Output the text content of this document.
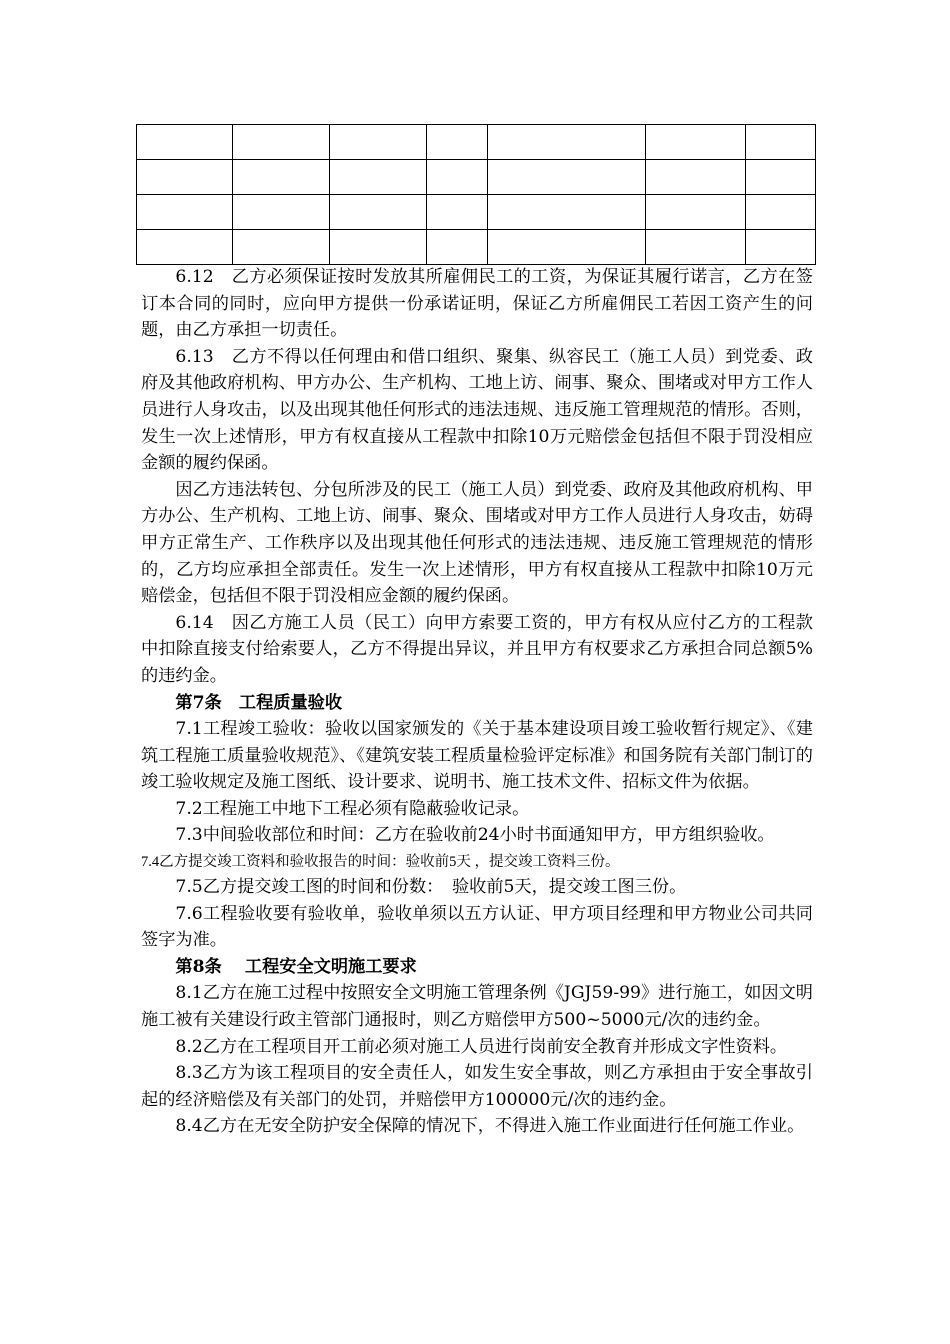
6.12　乙方必须保证按时发放其所雇佣民工的工资，为保证其履行诺言，乙方在签订本合同的同时，应向甲方提供一份承诺证明，保证乙方所雇佣民工若因工资产生的问题，由乙方承担一切责任。

6.13　乙方不得以任何理由和借口组织、聚集、纵容民工（施工人员）到党委、政府及其他政府机构、甲方办公、生产机构、工地上访、闹事、聚众、围堵或对甲方工作人员进行人身攻击，以及出现其他任何形式的违法违规、违反施工管理规范的情形。否则，发生一次上述情形，甲方有权直接从工程款中扣除10万元赔偿金包括但不限于罚没相应金额的履约保函。

因乙方违法转包、分包所涉及的民工（施工人员）到党委、政府及其他政府机构、甲方办公、生产机构、工地上访、闹事、聚众、围堵或对甲方工作人员进行人身攻击，妨碍甲方正常生产、工作秩序以及出现其他任何形式的违法违规、违反施工管理规范的情形的，乙方均应承担全部责任。发生一次上述情形，甲方有权直接从工程款中扣除10万元赔偿金，包括但不限于罚没相应金额的履约保函。

6.14　因乙方施工人员（民工）向甲方索要工资的，甲方有权从应付乙方的工程款中扣除直接支付给索要人，乙方不得提出异议，并且甲方有权要求乙方承担合同总额5%的违约金。

第7条　工程质量验收

7.1工程竣工验收：验收以国家颁发的《关于基本建设项目竣工验收暂行规定》、《建筑工程施工质量验收规范》、《建筑安装工程质量检验评定标准》和国务院有关部门制订的竣工验收规定及施工图纸、设计要求、说明书、施工技术文件、招标文件为依据。

7.2工程施工中地下工程必须有隐蔽验收记录。

7.3中间验收部位和时间：乙方在验收前24小时书面通知甲方，甲方组织验收。

7.4乙方提交竣工资料和验收报告的时间：验收前5天 ，提交竣工资料三份。

7.5乙方提交竣工图的时间和份数：　验收前5天，提交竣工图三份。

7.6工程验收要有验收单，验收单须以五方认证、甲方项目经理和甲方物业公司共同签字为准。

第8条　 工程安全文明施工要求

8.1乙方在施工过程中按照安全文明施工管理条例《JGJ59-99》进行施工，如因文明施工被有关建设行政主管部门通报时，则乙方赔偿甲方500~5000元/次的违约金。

8.2乙方在工程项目开工前必须对施工人员进行岗前安全教育并形成文字性资料。

8.3乙方为该工程项目的安全责任人，如发生安全事故，则乙方承担由于安全事故引起的经济赔偿及有关部门的处罚，并赔偿甲方100000元/次的违约金。

8.4乙方在无安全防护安全保障的情况下，不得进入施工作业面进行任何施工作业。
